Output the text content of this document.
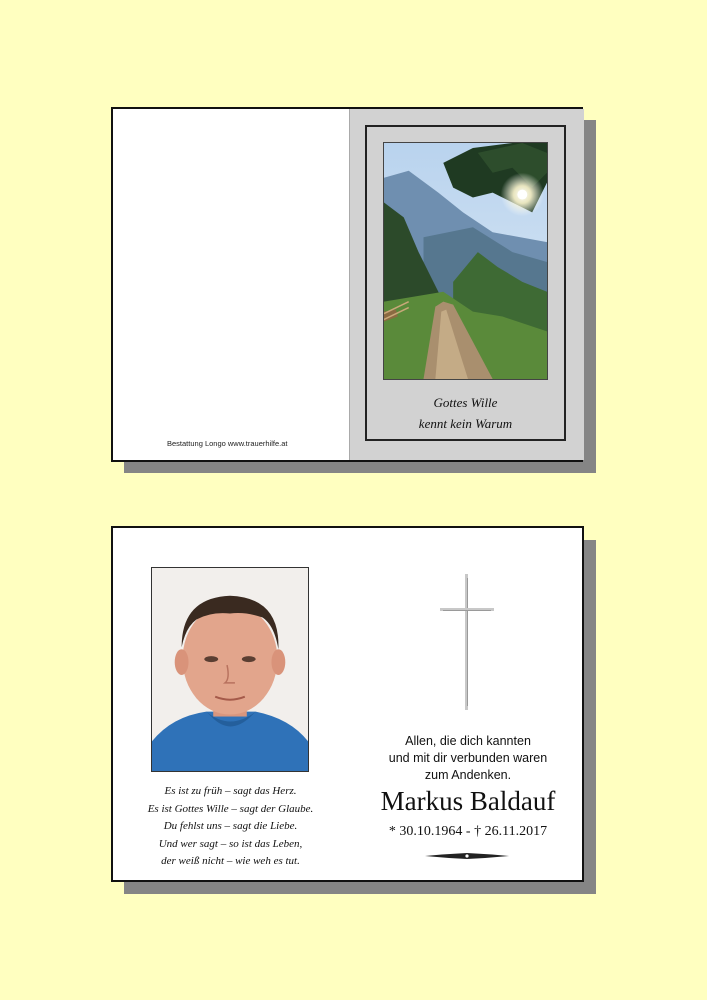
Bestattung Longo www.trauerhilfe.at
Gottes Wille
kennt kein Warum
Es ist zu früh – sagt das Herz.
Es ist Gottes Wille – sagt der Glaube.
Du fehlst uns – sagt die Liebe.
Und wer sagt – so ist das Leben,
der weiß nicht – wie weh es tut.
Allen, die dich kannten
und mit dir verbunden waren
zum Andenken.
Markus Baldauf
* 30.10.1964 - † 26.11.2017
